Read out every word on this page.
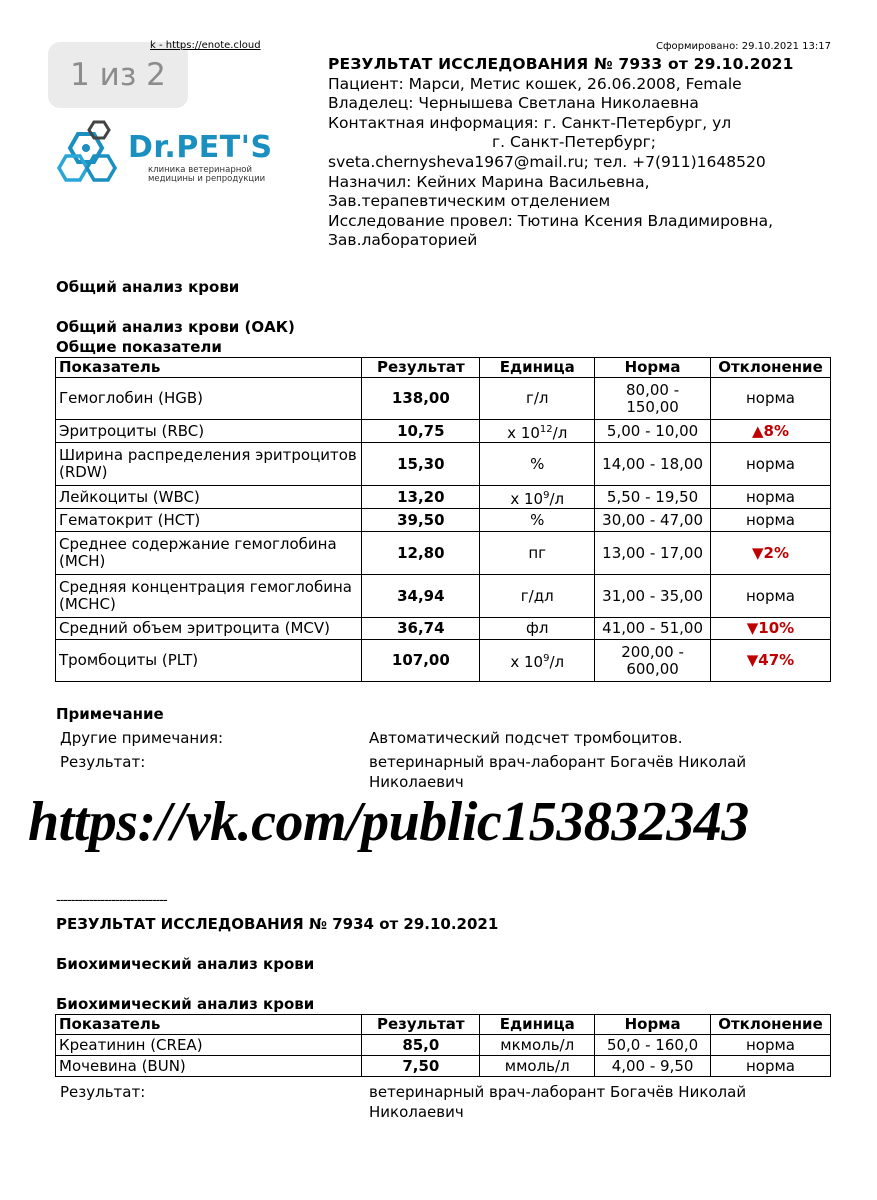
1 из 2
k - https://enote.cloud	Сформировано: 29.10.2021 13:17
РЕЗУЛЬТАТ ИССЛЕДОВАНИЯ № 7933 от 29.10.2021
Пациент: Марси, Метис кошек, 26.06.2008, Female
Владелец: Чернышева Светлана Николаевна
Контактная информация: г. Санкт-Петербург, ул
г. Санкт-Петербург;
sveta.chernysheva1967@mail.ru; тел. +7(911)1648520
Назначил: Кейних Марина Васильевна,
Зав.терапевтическим отделением
Исследование провел: Тютина Ксения Владимировна,
Зав.лабораторией
Dr.PET'S
клиника ветеринарной
медицины и репродукции
Общий анализ крови
Общий анализ крови (ОАК)
Общие показатели
Показатель	Результат	Единица	Норма	Отклонение
Гемоглобин (HGB)	138,00	г/л	80,00 - 150,00	норма
Эритроциты (RBC)	10,75	x $10^{12}/л$	5,00 - 10,00	▲8%
Ширина распределения эритроцитов (RDW)	15,30	%	14,00 - 18,00	норма
Лейкоциты (WBC)	13,20	x $10^9/л$	5,50 - 19,50	норма
Гематокрит (HCT)	39,50	%	30,00 - 47,00	норма
Среднее содержание гемоглобина (MCH)	12,80	пг	13,00 - 17,00	▼2%
Средняя концентрация гемоглобина (MCHC)	34,94	г/дл	31,00 - 35,00	норма
Средний объем эритроцита (MCV)	36,74	фл	41,00 - 51,00	▼10%
Тромбоциты (PLT)	107,00	x $10^9/л$	200,00 - 600,00	▼47%
Примечание
Другие примечания:	Автоматический подсчет тромбоцитов.
Результат:	ветеринарный врач-лаборант Богачёв Николай Николаевич
https://vk.com/public153832343
------------------------------
РЕЗУЛЬТАТ ИССЛЕДОВАНИЯ № 7934 от 29.10.2021
Биохимический анализ крови
Биохимический анализ крови
Показатель	Результат	Единица	Норма	Отклонение
Креатинин (CREA)	85,0	мкмоль/л	50,0 - 160,0	норма
Мочевина (BUN)	7,50	ммоль/л	4,00 - 9,50	норма
Результат:	ветеринарный врач-лаборант Богачёв Николай Николаевич
